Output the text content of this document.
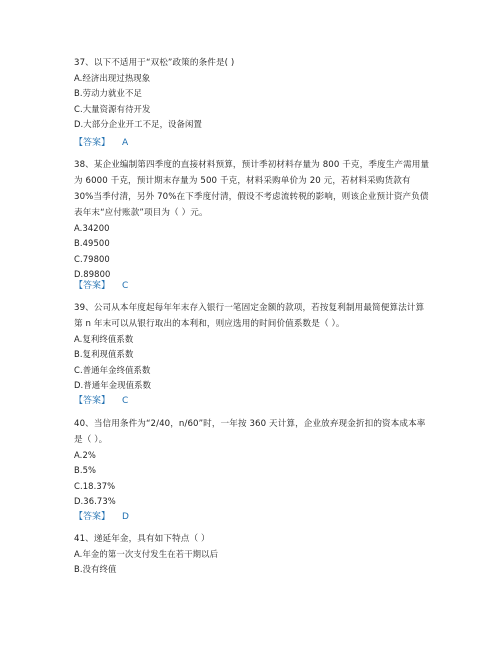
37、以下不适用于“双松”政策的条件是( )
A.经济出现过热现象
B.劳动力就业不足
C.大量资源有待开发
D.大部分企业开工不足，设备闲置
【答案】 A
38、某企业编制第四季度的直接材料预算，预计季初材料存量为 800 千克，季度生产需用量为 6000 千克，预计期末存量为 500 千克，材料采购单价为 20 元，若材料采购货款有 30%当季付清，另外 70%在下季度付清，假设不考虑流转税的影响，则该企业预计资产负债表年末“应付账款”项目为（ ）元。
A.34200
B.49500
C.79800
D.89800
【答案】 C
39、公司从本年度起每年年末存入银行一笔固定金额的款项，若按复利制用最简便算法计算第 n 年末可以从银行取出的本利和，则应选用的时间价值系数是（ ）。
A.复利终值系数
B.复利现值系数
C.普通年金终值系数
D.普通年金现值系数
【答案】 C
40、当信用条件为“2/40，n/60”时，一年按 360 天计算，企业放弃现金折扣的资本成本率是（ ）。
A.2%
B.5%
C.18.37%
D.36.73%
【答案】 D
41、递延年金，具有如下特点（ ）
A.年金的第一次支付发生在若干期以后
B.没有终值
